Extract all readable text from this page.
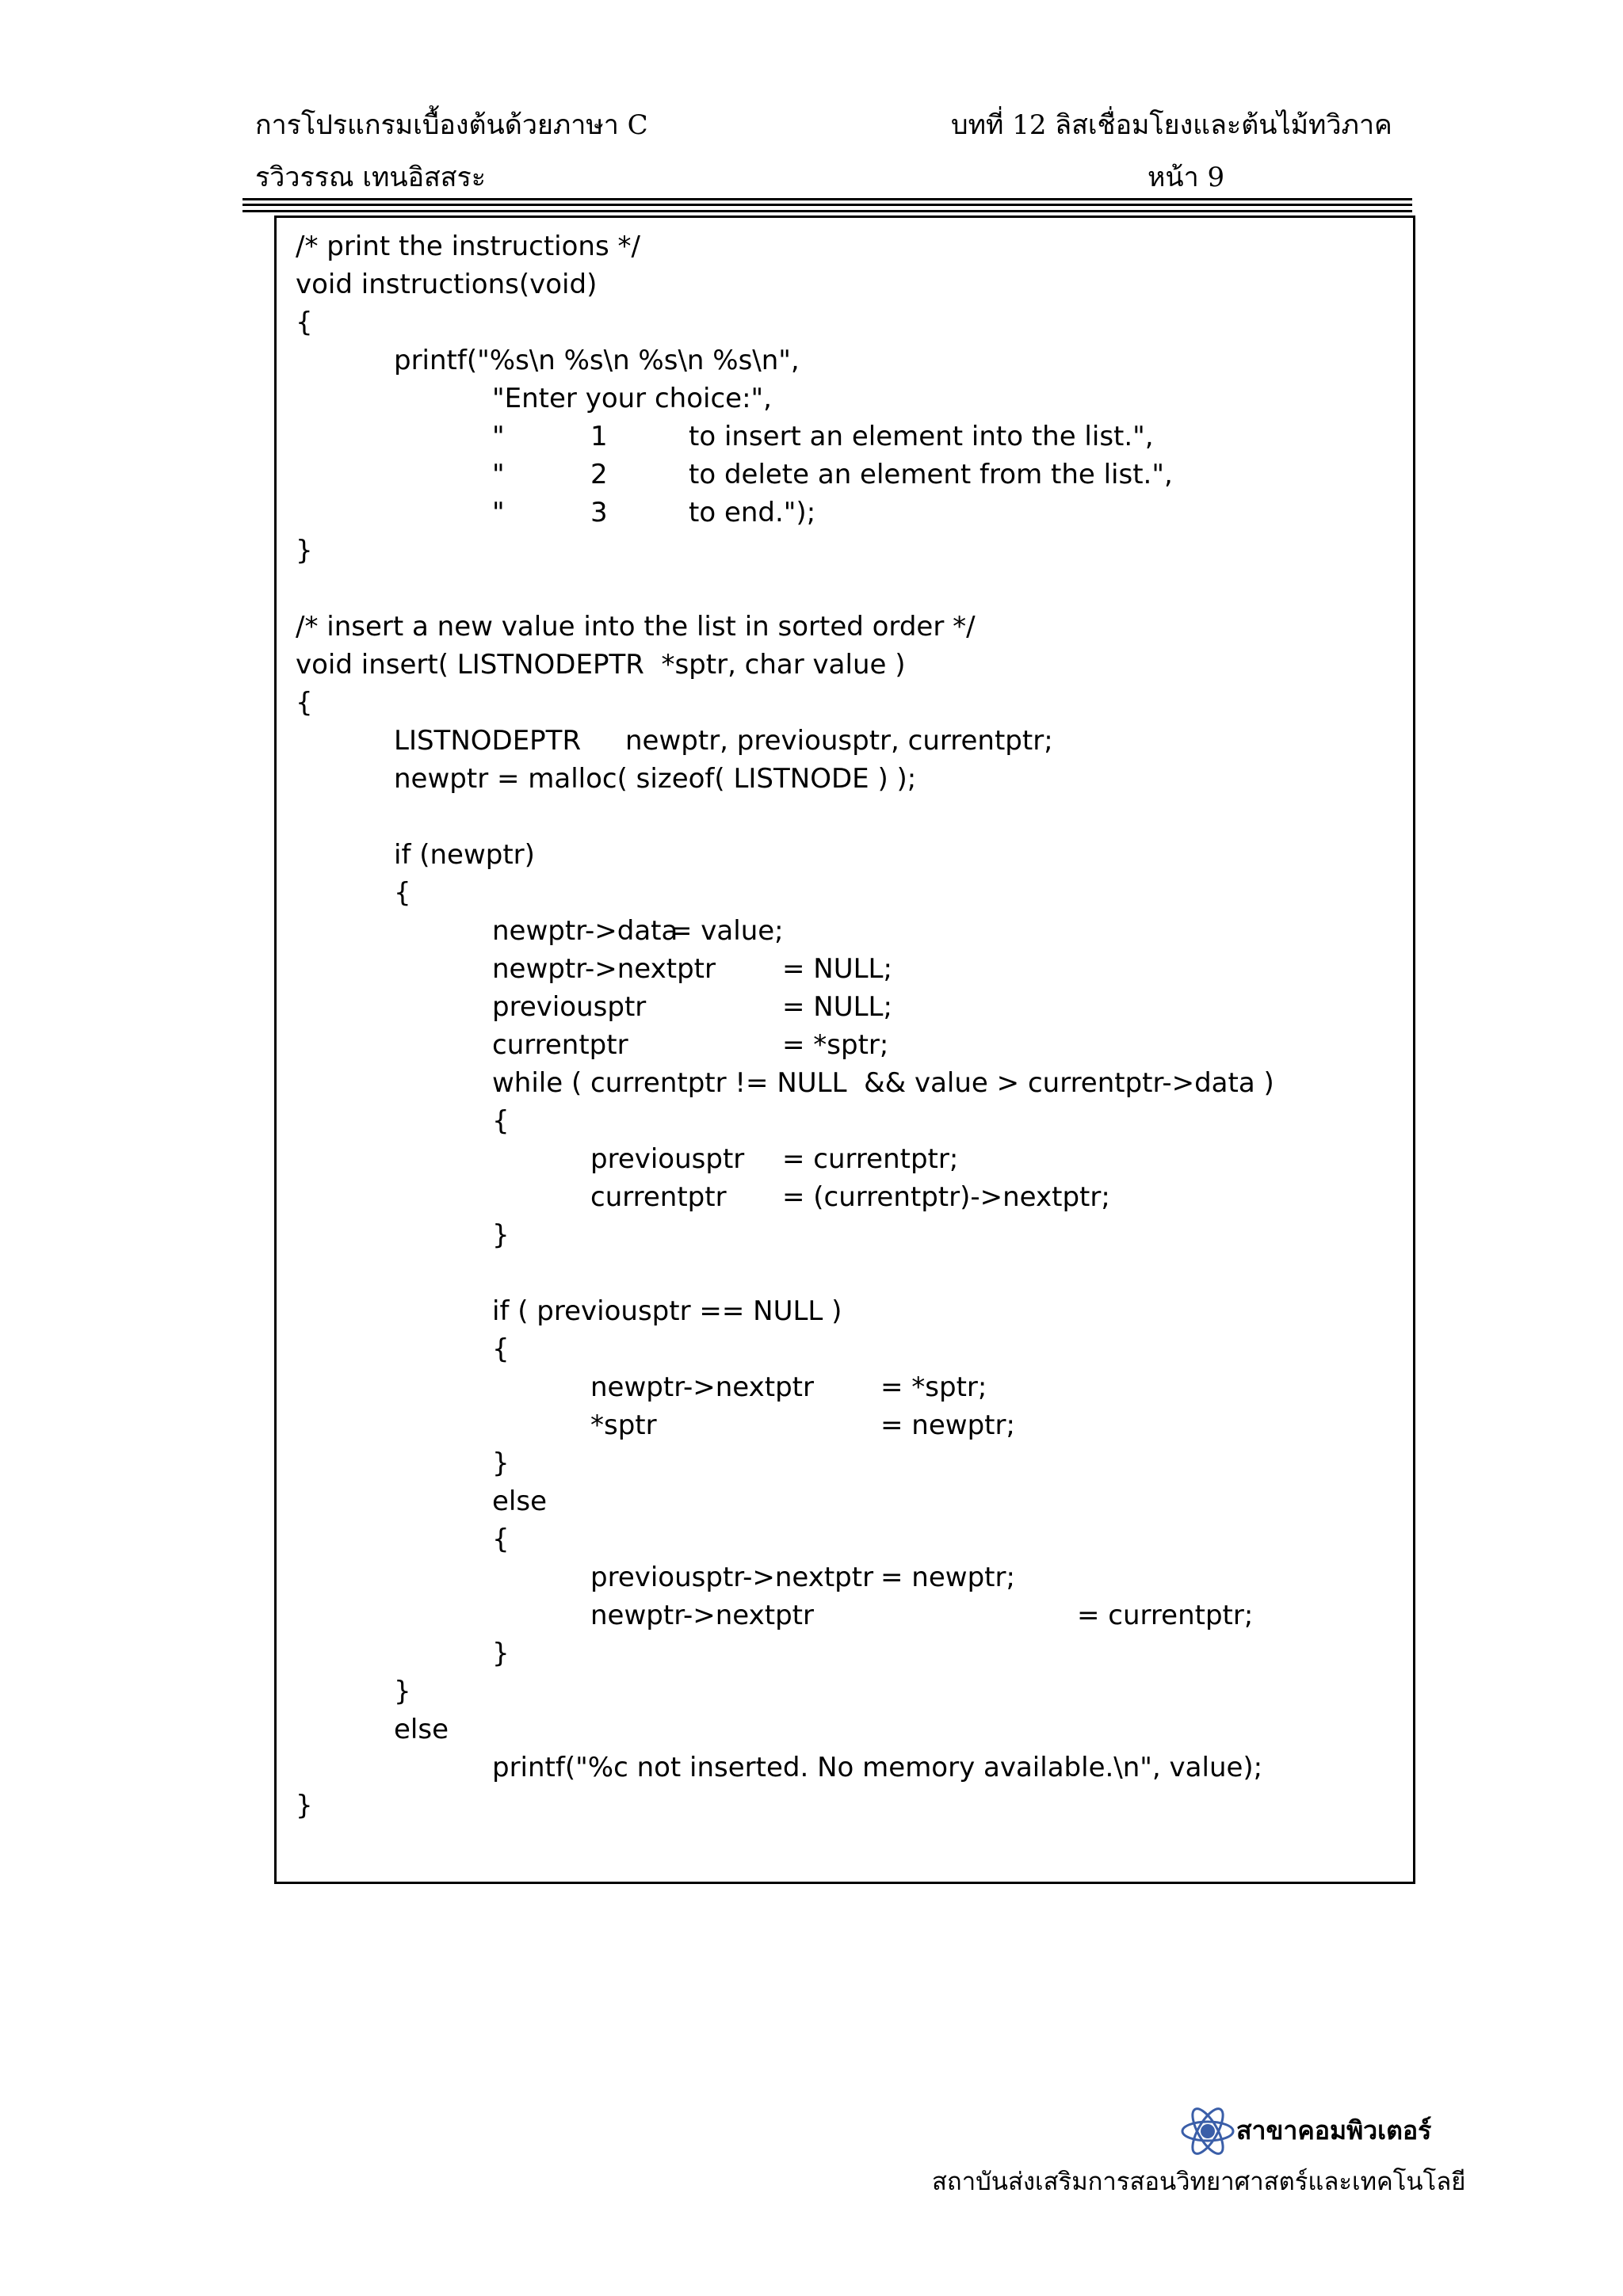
การโปรแกรมเบื้องต้นด้วยภาษา C	บทที่ 12 ลิสเชื่อมโยงและต้นไม้ทวิภาค
รวิวรรณ เทนอิสสระ	หน้า 9
/* print the instructions */
void instructions(void)
{
printf("%s\n %s\n %s\n %s\n",
"Enter your choice:",
"	1	to insert an element into the list.",
"	2	to delete an element from the list.",
"	3	to end.");
}
/* insert a new value into the list in sorted order */
void insert( LISTNODEPTR  *sptr, char value )
{
LISTNODEPTR newptr, previousptr, currentptr;
newptr = malloc( sizeof( LISTNODE ) );
if (newptr)
{
newptr->data
= value;
newptr->nextptr = NULL;
previousptr	= NULL;
currentptr	= *sptr;
while ( currentptr != NULL  && value > currentptr->data )
{
previousptr = currentptr;
currentptr = (currentptr)->nextptr;
}
if ( previousptr == NULL )
{
newptr->nextptr = *sptr;
*sptr	= newptr;
}
else
{
previousptr->nextptr = newptr;
newptr->nextptr	= currentptr;
}
}
else
printf("%c not inserted. No memory available.\n", value);
}
สาขาคอมพิวเตอร์
สถาบันส่งเสริมการสอนวิทยาศาสตร์และเทคโนโลยี
